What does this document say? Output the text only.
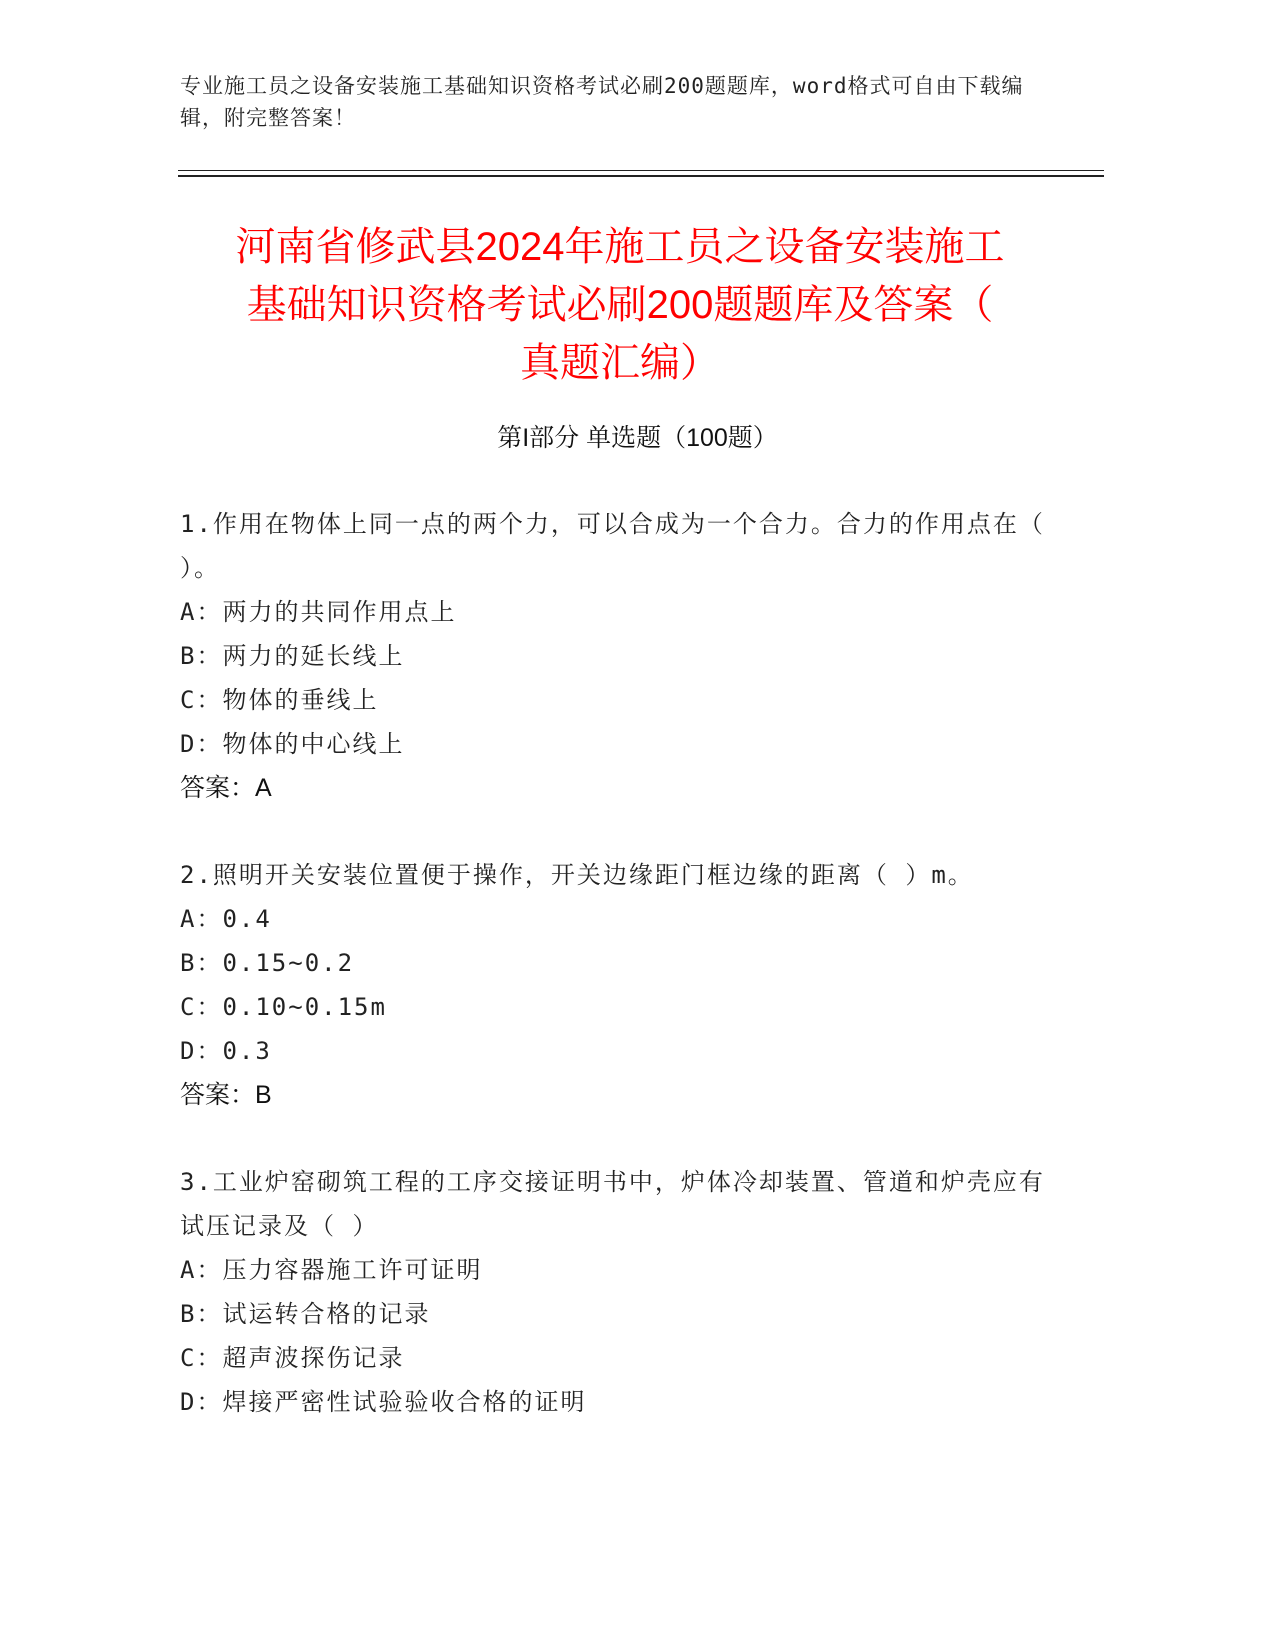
专业施工员之设备安装施工基础知识资格考试必刷200题题库，word格式可自由下载编辑，附完整答案！
河南省修武县2024年施工员之设备安装施工
基础知识资格考试必刷200题题库及答案（
真题汇编）
第I部分 单选题（100题）

1.作用在物体上同一点的两个力，可以合成为一个合力。合力的作用点在（ ）。

A：两力的共同作用点上

B：两力的延长线上

C：物体的垂线上

D：物体的中心线上

答案：A

2.照明开关安装位置便于操作，开关边缘距门框边缘的距离（ ）m。

A：0.4

B：0.15~0.2

C：0.10~0.15m

D：0.3

答案：B

3.工业炉窑砌筑工程的工序交接证明书中，炉体冷却装置、管道和炉壳应有试压记录及（ ）

A：压力容器施工许可证明

B：试运转合格的记录

C：超声波探伤记录

D：焊接严密性试验验收合格的证明
